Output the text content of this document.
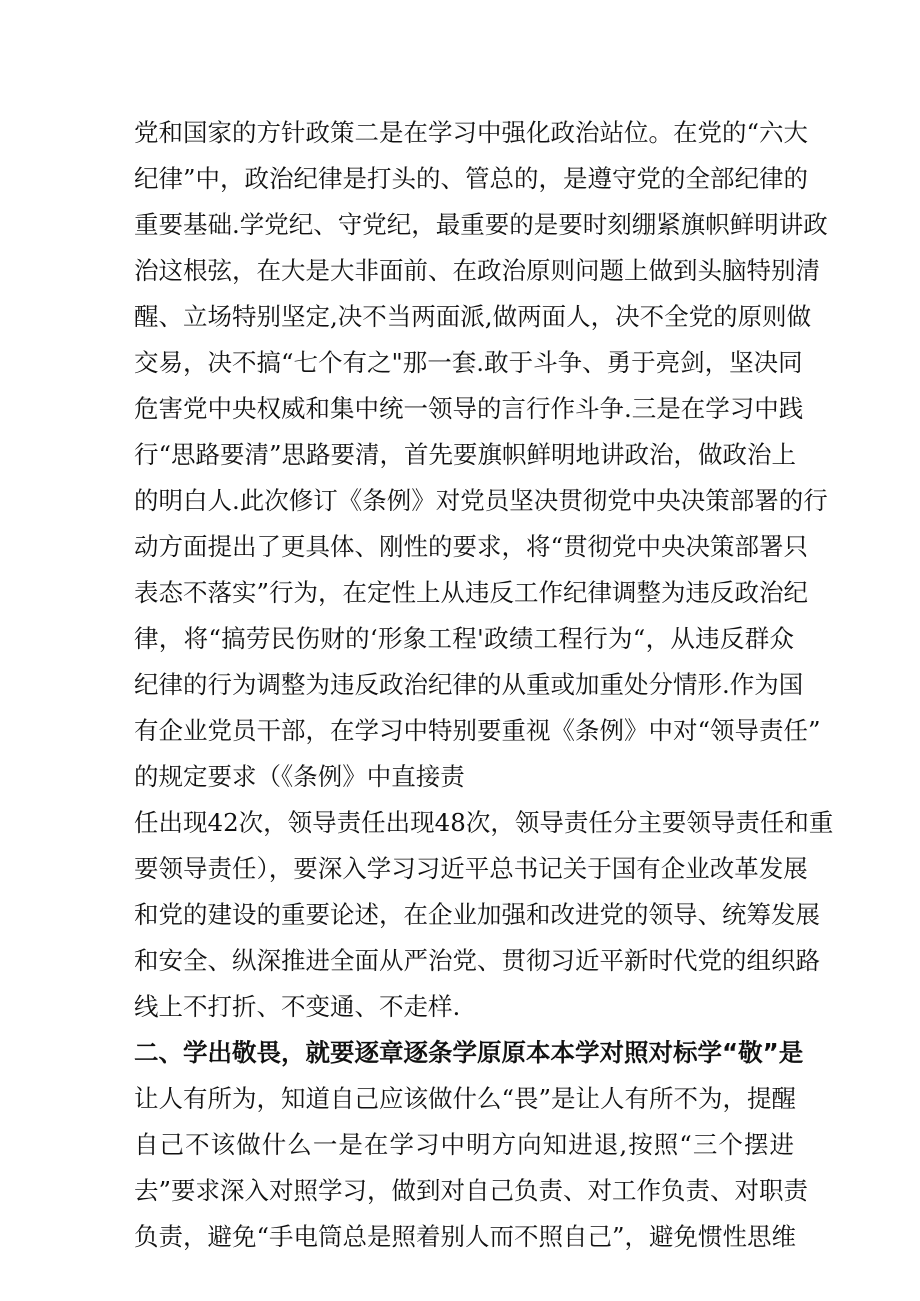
党和国家的方针政策二是在学习中强化政治站位。在党的“六大
纪律”中，政治纪律是打头的、管总的，是遵守党的全部纪律的
重要基础.学党纪、守党纪，最重要的是要时刻绷紧旗帜鲜明讲政
治这根弦，在大是大非面前、在政治原则问题上做到头脑特别清
醒、立场特别坚定,决不当两面派,做两面人，决不全党的原则做
交易，决不搞“七个有之"那一套.敢于斗争、勇于亮剑，坚决同
危害党中央权威和集中统一领导的言行作斗争.三是在学习中践
行“思路要清”思路要清，首先要旗帜鲜明地讲政治，做政治上
的明白人.此次修订《条例》对党员坚决贯彻党中央决策部署的行
动方面提出了更具体、刚性的要求，将“贯彻党中央决策部署只
表态不落实”行为，在定性上从违反工作纪律调整为违反政治纪
律，将“搞劳民伤财的‘形象工程'政绩工程行为“，从违反群众
纪律的行为调整为违反政治纪律的从重或加重处分情形.作为国
有企业党员干部，在学习中特别要重视《条例》中对“领导责任”
的规定要求（《条例》中直接责
任出现42次，领导责任出现48次，领导责任分主要领导责任和重
要领导责任），要深入学习习近平总书记关于国有企业改革发展
和党的建设的重要论述，在企业加强和改进党的领导、统筹发展
和安全、纵深推进全面从严治党、贯彻习近平新时代党的组织路
线上不打折、不变通、不走样.
二、学出敬畏，就要逐章逐条学原原本本学对照对标学“敬”是
让人有所为，知道自己应该做什么“畏”是让人有所不为，提醒
自己不该做什么一是在学习中明方向知进退,按照“三个摆进
去”要求深入对照学习，做到对自己负责、对工作负责、对职责
负责，避免“手电筒总是照着别人而不照自己”，避免惯性思维
